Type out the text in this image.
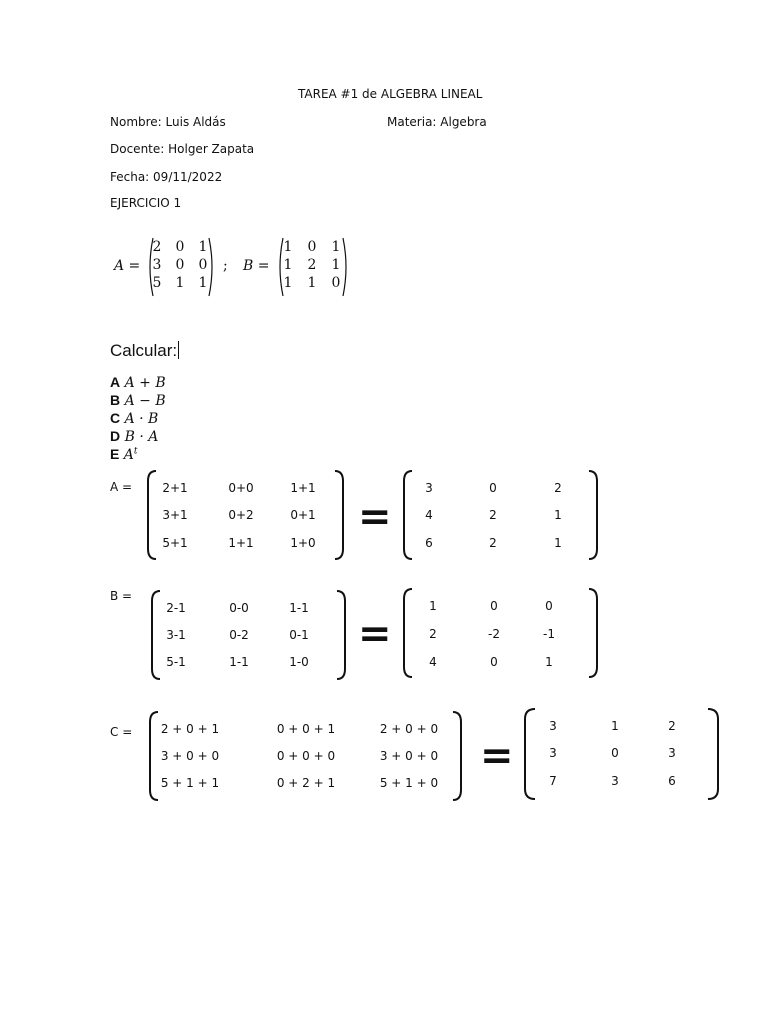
TAREA #1 de ALGEBRA LINEAL
Nombre: Luis Aldás	Materia: Algebra
Docente: Holger Zapata
Fecha: 09/11/2022
EJERCICIO 1
A =
2 0 1
3 0 0
5 1 1
; B =
1 0 1
1 2 1
1 1 0
Calcular:
A A + B
B A − B
C A · B
D B · A
E $A^t$
A =	2+1	0+0	1+1
3+1	0+2	0+1
5+1	1+1	1+0
=
3	0	2
4	2	1
6	2	1
B =
2-1	0-0	1-1
3-1	0-2	0-1
5-1	1-1	1-0
=
1	0	0
2	-2	-1
4	0	1
C =	2 + 0 + 1	0 + 0 + 1	2 + 0 + 0
3 + 0 + 0	0 + 0 + 0	3 + 0 + 0
5 + 1 + 1	0 + 2 + 1	5 + 1 + 0
=
3	1	2
3	0	3
7	3	6
